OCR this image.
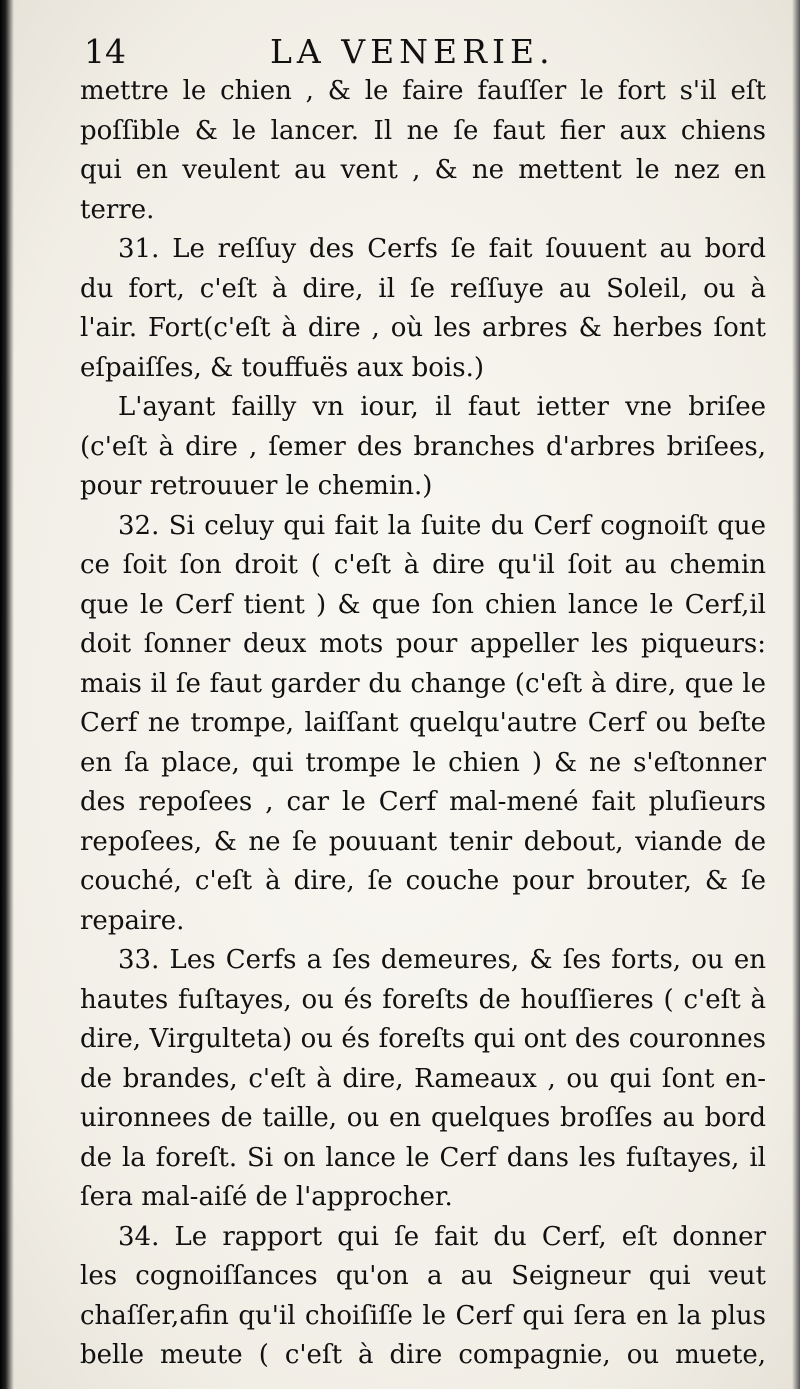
14	LA VENERIE.
mettre le chien , & le faire fauſſer le fort s'il eſt
poſſible & le lancer. Il ne ſe faut fier aux chiens
qui en veulent au vent , & ne mettent le nez en
terre.
31. Le reſſuy des Cerfs ſe fait ſouuent au bord
du fort, c'eſt à dire, il ſe reſſuye au Soleil, ou à
l'air. Fort(c'eſt à dire , où les arbres & herbes ſont
eſpaiſſes, & touffuës aux bois.)
L'ayant failly vn iour, il faut ietter vne briſee
(c'eſt à dire , ſemer des branches d'arbres briſees,
pour retrouuer le chemin.)
32. Si celuy qui fait la ſuite du Cerf cognoiſt que
ce ſoit ſon droit ( c'eſt à dire qu'il ſoit au chemin
que le Cerf tient ) & que ſon chien lance le Cerf,il
doit ſonner deux mots pour appeller les piqueurs:
mais il ſe faut garder du change (c'eſt à dire, que le
Cerf ne trompe, laiſſant quelqu'autre Cerf ou beſte
en ſa place, qui trompe le chien ) & ne s'eſtonner
des repoſees , car le Cerf mal-mené fait pluſieurs
repoſees, & ne ſe pouuant tenir debout, viande de
couché, c'eſt à dire, ſe couche pour brouter, & ſe
repaire.
33. Les Cerfs a ſes demeures, & ſes forts, ou en
hautes fuſtayes, ou és foreſts de houſſieres ( c'eſt à
dire, Virgulteta) ou és foreſts qui ont des couronnes
de brandes, c'eſt à dire, Rameaux , ou qui ſont en-
uironnees de taille, ou en quelques broſſes au bord
de la foreſt. Si on lance le Cerf dans les fuſtayes, il
ſera mal-aiſé de l'approcher.
34. Le rapport qui ſe fait du Cerf, eſt donner
les cognoiſſances qu'on a au Seigneur qui veut
chaſſer,afin qu'il choiſiſſe le Cerf qui ſera en la plus
belle meute ( c'eſt à dire compagnie, ou muete,
